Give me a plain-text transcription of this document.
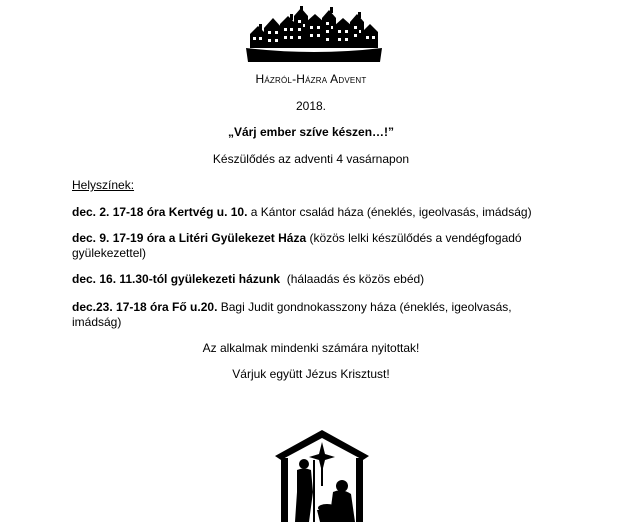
Házról-Házra Advent
2018.
„Várj ember szíve készen…!”
Készülődés az adventi 4 vasárnapon
Helyszínek:
dec. 2. 17-18 óra Kertvég u. 10. a Kántor család háza (éneklés, igeolvasás, imádság)
dec. 9. 17-19 óra a Litéri Gyülekezet Háza (közös lelki készülődés a vendégfogadó gyülekezettel)
dec. 16. 11.30-tól gyülekezeti házunk  (hálaadás és közös ebéd)
dec.23. 17-18 óra Fő u.20. Bagi Judit gondnokasszony háza (éneklés, igeolvasás, imádság)
Az alkalmak mindenki számára nyitottak!
Várjuk együtt Jézus Krisztust!
